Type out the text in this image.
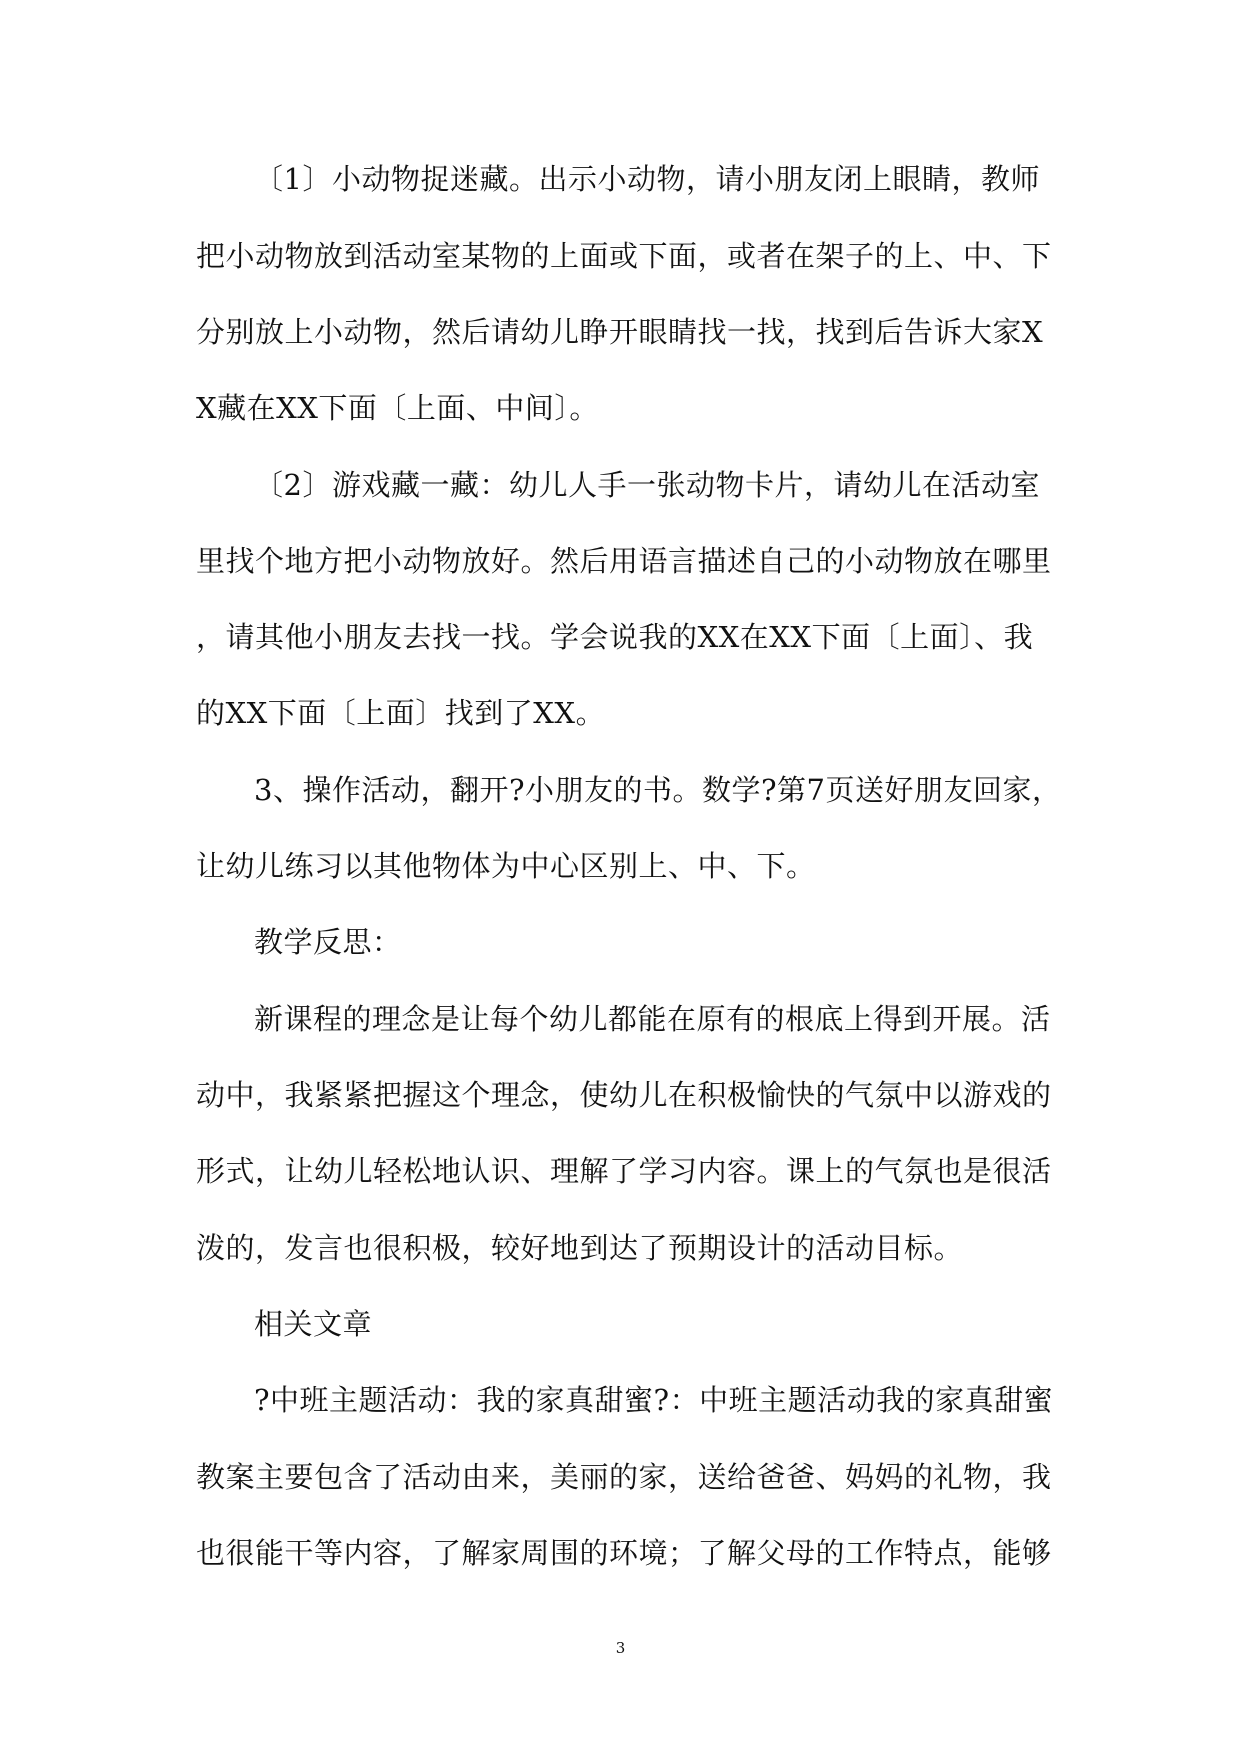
〔1〕小动物捉迷藏。出示小动物，请小朋友闭上眼睛，教师
把小动物放到活动室某物的上面或下面，或者在架子的上、中、下
分别放上小动物，然后请幼儿睁开眼睛找一找，找到后告诉大家X
X藏在XX下面〔上面、中间〕。
〔2〕游戏藏一藏：幼儿人手一张动物卡片，请幼儿在活动室
里找个地方把小动物放好。然后用语言描述自己的小动物放在哪里
，请其他小朋友去找一找。学会说我的XX在XX下面〔上面〕、我
的XX下面〔上面〕找到了XX。
3、操作活动，翻开?小朋友的书。数学?第7页送好朋友回家，
让幼儿练习以其他物体为中心区别上、中、下。
教学反思：
新课程的理念是让每个幼儿都能在原有的根底上得到开展。活
动中，我紧紧把握这个理念，使幼儿在积极愉快的气氛中以游戏的
形式，让幼儿轻松地认识、理解了学习内容。课上的气氛也是很活
泼的，发言也很积极，较好地到达了预期设计的活动目标。
相关文章
?中班主题活动：我的家真甜蜜?：中班主题活动我的家真甜蜜
教案主要包含了活动由来，美丽的家，送给爸爸、妈妈的礼物，我
也很能干等内容，了解家周围的环境；了解父母的工作特点，能够
3
